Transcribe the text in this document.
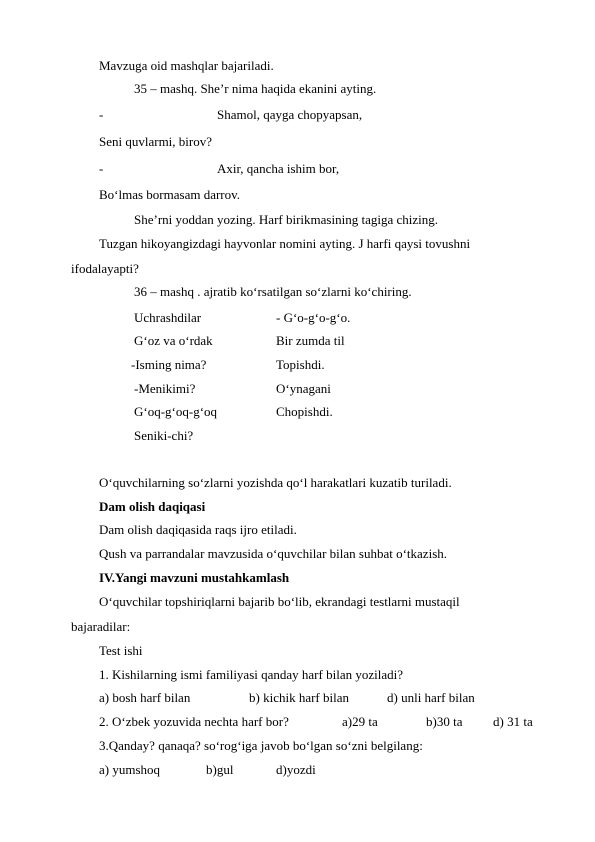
Mavzuga oid mashqlar bajariladi.
35 – mashq. She’r nima haqida ekanini ayting.
-	Shamol, qayga chopyapsan,
Seni quvlarmi, birov?
-	Axir, qancha ishim bor,
Bo‘lmas bormasam darrov.
She’rni yoddan yozing. Harf birikmasining tagiga chizing.
Tuzgan hikoyangizdagi hayvonlar nomini ayting. J harfi qaysi tovushni
ifodalayapti?
36 – mashq . ajratib ko‘rsatilgan so‘zlarni ko‘chiring.
Uchrashdilar	- G‘o-g‘o-g‘o.
G‘oz va o‘rdak	Bir zumda til
-Isming nima?	Topishdi.
-Menikimi?	O‘ynagani
G‘oq-g‘oq-g‘oq	Chopishdi.
Seniki-chi?
O‘quvchilarning so‘zlarni yozishda qo‘l harakatlari kuzatib turiladi.
Dam olish daqiqasi
Dam olish daqiqasida raqs ijro etiladi.
Qush va parrandalar mavzusida o‘quvchilar bilan suhbat o‘tkazish.
IV.Yangi mavzuni mustahkamlash
O‘quvchilar topshiriqlarni bajarib bo‘lib, ekrandagi testlarni mustaqil
bajaradilar:
Test ishi
1. Kishilarning ismi familiyasi qanday harf bilan yoziladi?
a) bosh harf bilan	b) kichik harf bilan	d) unli harf bilan
2. O‘zbek yozuvida nechta harf bor?	a)29 ta	b)30 ta d) 31 ta
3.Qanday? qanaqa? so‘rog‘iga javob bo‘lgan so‘zni belgilang:
a) yumshoq	b)gul	d)yozdi
